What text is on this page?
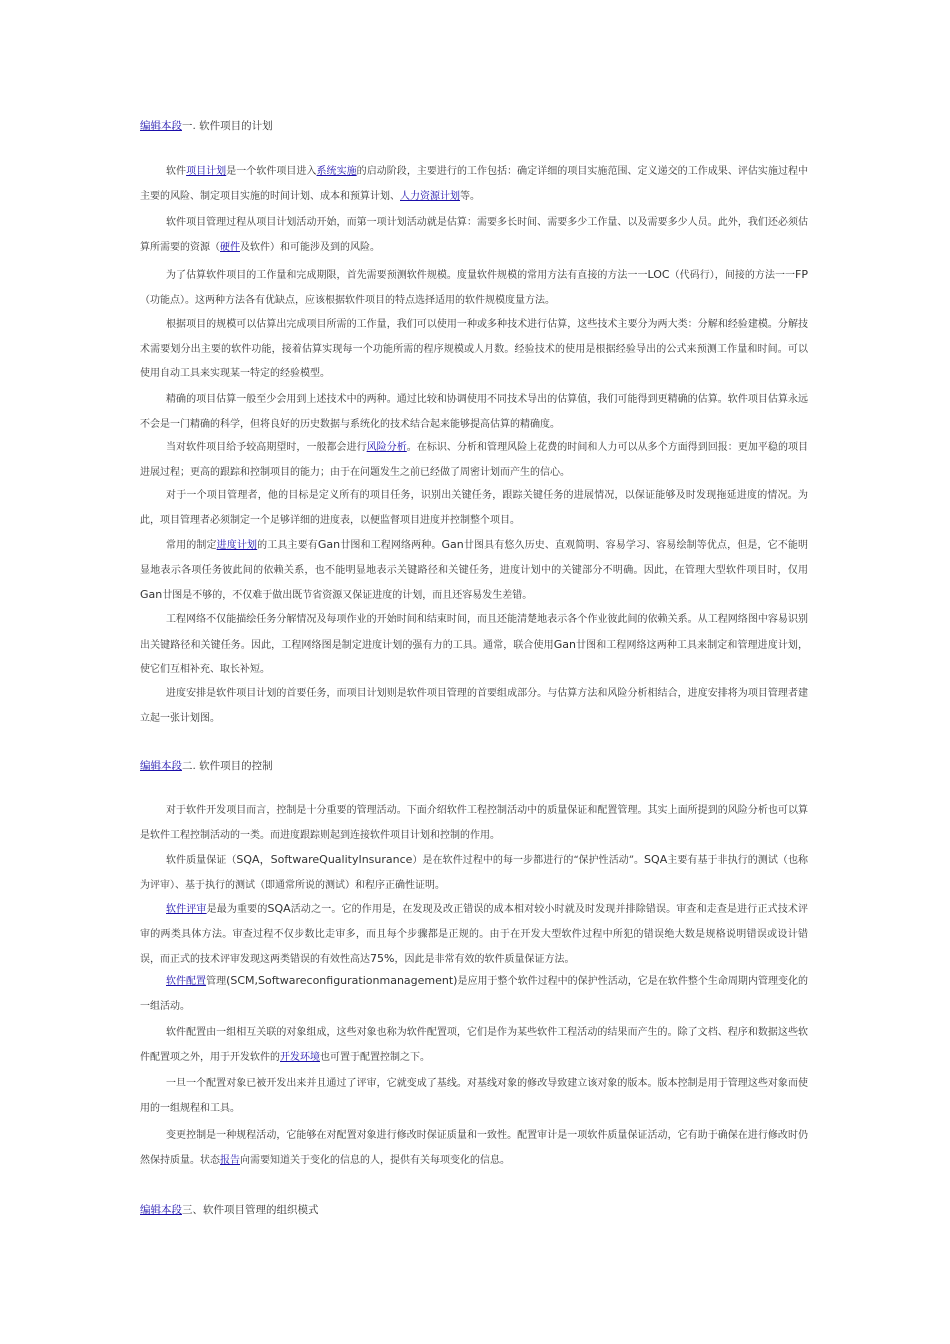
编辑本段一. 软件项目的计划

软件项目计划是一个软件项目进入系统实施的启动阶段，主要进行的工作包括：确定详细的项目实施范围、定义递交的工作成果、评估实施过程中主要的风险、制定项目实施的时间计划、成本和预算计划、人力资源计划等。

软件项目管理过程从项目计划活动开始，而第一项计划活动就是估算：需要多长时间、需要多少工作量、以及需要多少人员。此外，我们还必须估算所需要的资源（硬件及软件）和可能涉及到的风险。

为了估算软件项目的工作量和完成期限，首先需要预测软件规模。度量软件规模的常用方法有直接的方法一一LOC（代码行），间接的方法一一FP（功能点）。这两种方法各有优缺点，应该根据软件项目的特点选择适用的软件规模度量方法。

根据项目的规模可以估算出完成项目所需的工作量，我们可以使用一种或多种技术进行估算，这些技术主要分为两大类：分解和经验建模。分解技术需要划分出主要的软件功能，接着估算实现每一个功能所需的程序规模或人月数。经验技术的使用是根据经验导出的公式来预测工作量和时间。可以使用自动工具来实现某一特定的经验模型。

精确的项目估算一般至少会用到上述技术中的两种。通过比较和协调使用不同技术导出的估算值，我们可能得到更精确的估算。软件项目估算永远不会是一门精确的科学，但将良好的历史数据与系统化的技术结合起来能够提高估算的精确度。

当对软件项目给予较高期望时，一般都会进行风险分析。在标识、分析和管理风险上花费的时间和人力可以从多个方面得到回报：更加平稳的项目进展过程；更高的跟踪和控制项目的能力；由于在问题发生之前已经做了周密计划而产生的信心。

对于一个项目管理者，他的目标是定义所有的项目任务，识别出关键任务，跟踪关键任务的进展情况，以保证能够及时发现拖延进度的情况。为此，项目管理者必须制定一个足够详细的进度表，以便监督项目进度并控制整个项目。

常用的制定进度计划的工具主要有Gan廿图和工程网络两种。Gan廿图具有悠久历史、直观简明、容易学习、容易绘制等优点，但是，它不能明显地表示各项任务彼此间的依赖关系，也不能明显地表示关键路径和关键任务，进度计划中的关键部分不明确。因此，在管理大型软件项目时，仅用Gan廿图是不够的，不仅难于做出既节省资源又保证进度的计划，而且还容易发生差错。

工程网络不仅能描绘任务分解情况及每项作业的开始时间和结束时间，而且还能清楚地表示各个作业彼此间的依赖关系。从工程网络图中容易识别出关键路径和关键任务。因此，工程网络图是制定进度计划的强有力的工具。通常，联合使用Gan廿图和工程网络这两种工具来制定和管理进度计划，使它们互相补充、取长补短。

进度安排是软件项目计划的首要任务，而项目计划则是软件项目管理的首要组成部分。与估算方法和风险分析相结合，进度安排将为项目管理者建立起一张计划图。

编辑本段二. 软件项目的控制

对于软件开发项目而言，控制是十分重要的管理活动。下面介绍软件工程控制活动中的质量保证和配置管理。其实上面所提到的风险分析也可以算是软件工程控制活动的一类。而进度跟踪则起到连接软件项目计划和控制的作用。

软件质量保证（SQA，SoftwareQualityInsurance）是在软件过程中的每一步都进行的“保护性活动”。SQA主要有基于非执行的测试（也称为评审）、基于执行的测试（即通常所说的测试）和程序正确性证明。

软件评审是最为重要的SQA活动之一。它的作用是，在发现及改正错误的成本相对较小时就及时发现并排除错误。审查和走查是进行正式技术评审的两类具体方法。审查过程不仅步数比走审多，而且每个步骤都是正规的。由于在开发大型软件过程中所犯的错误绝大数是规格说明错误或设计错误，而正式的技术评审发现这两类错误的有效性高达75%，因此是非常有效的软件质量保证方法。

软件配置管理(SCM,Softwareconfigurationmanagement)是应用于整个软件过程中的保护性活动，它是在软件整个生命周期内管理变化的一组活动。

软件配置由一组相互关联的对象组成，这些对象也称为软件配置项，它们是作为某些软件工程活动的结果而产生的。除了文档、程序和数据这些软件配置项之外，用于开发软件的开发环境也可置于配置控制之下。

一旦一个配置对象已被开发出来并且通过了评审，它就变成了基线。对基线对象的修改导致建立该对象的版本。版本控制是用于管理这些对象而使用的一组规程和工具。

变更控制是一种规程活动，它能够在对配置对象进行修改时保证质量和一致性。配置审计是一项软件质量保证活动，它有助于确保在进行修改时仍然保持质量。状态报告向需要知道关于变化的信息的人，提供有关每项变化的信息。

编辑本段三、软件项目管理的组织模式
